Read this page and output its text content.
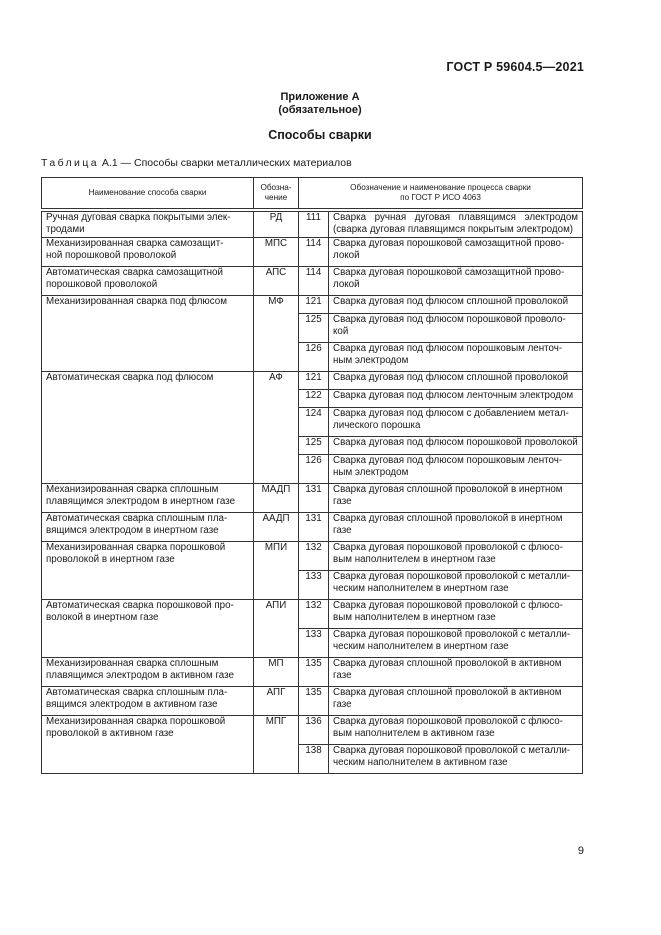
ГОСТ Р 59604.5—2021
Приложение А
(обязательное)
Способы сварки
Таблица А.1 — Способы сварки металлических материалов
Наименование способа сварки	Обозна-
чение	Обозначение и наименование процесса сварки
по ГОСТ Р ИСО 4063	

Ручная дуговая сварка покрытыми элек-
тродами	РД	111	Сварка ручная дуговая плавящимся электродом (сварка дуговая плавящимся покрытым электродом)
Механизированная сварка самозащит-
ной порошковой проволокой	МПС	114	Сварка дуговая порошковой самозащитной прово-
локой
Автоматическая сварка самозащитной
порошковой проволокой	АПС	114	Сварка дуговая порошковой самозащитной прово-
локой
Механизированная сварка под флюсом	МФ	121	Сварка дуговая под флюсом сплошной проволокой
		125	Сварка дуговая под флюсом порошковой проволо-
кой
		126	Сварка дуговая под флюсом порошковым ленточ-
ным электродом
Автоматическая сварка под флюсом	АФ	121	Сварка дуговая под флюсом сплошной проволокой
		122	Сварка дуговая под флюсом ленточным электродом
		124	Сварка дуговая под флюсом с добавлением метал-
лического порошка
		125	Сварка дуговая под флюсом порошковой проволокой
		126	Сварка дуговая под флюсом порошковым ленточ-
ным электродом
Механизированная сварка сплошным
плавящимся электродом в инертном газе	МАДП	131	Сварка дуговая сплошной проволокой в инертном
газе
Автоматическая сварка сплошным пла-
вящимся электродом в инертном газе	ААДП	131	Сварка дуговая сплошной проволокой в инертном
газе
Механизированная сварка порошковой
проволокой в инертном газе	МПИ	132	Сварка дуговая порошковой проволокой с флюсо-
вым наполнителем в инертном газе
		133	Сварка дуговая порошковой проволокой с металли-
ческим наполнителем в инертном газе
Автоматическая сварка порошковой про-
волокой в инертном газе	АПИ	132	Сварка дуговая порошковой проволокой с флюсо-
вым наполнителем в инертном газе
		133	Сварка дуговая порошковой проволокой с металли-
ческим наполнителем в инертном газе
Механизированная сварка сплошным
плавящимся электродом в активном газе	МП	135	Сварка дуговая сплошной проволокой в активном
газе
Автоматическая сварка сплошным пла-
вящимся электродом в активном газе	АПГ	135	Сварка дуговая сплошной проволокой в активном
газе
Механизированная сварка порошковой
проволокой в активном газе	МПГ	136	Сварка дуговая порошковой проволокой с флюсо-
вым наполнителем в активном газе
		138	Сварка дуговая порошковой проволокой с металли-
ческим наполнителем в активном газе
9
